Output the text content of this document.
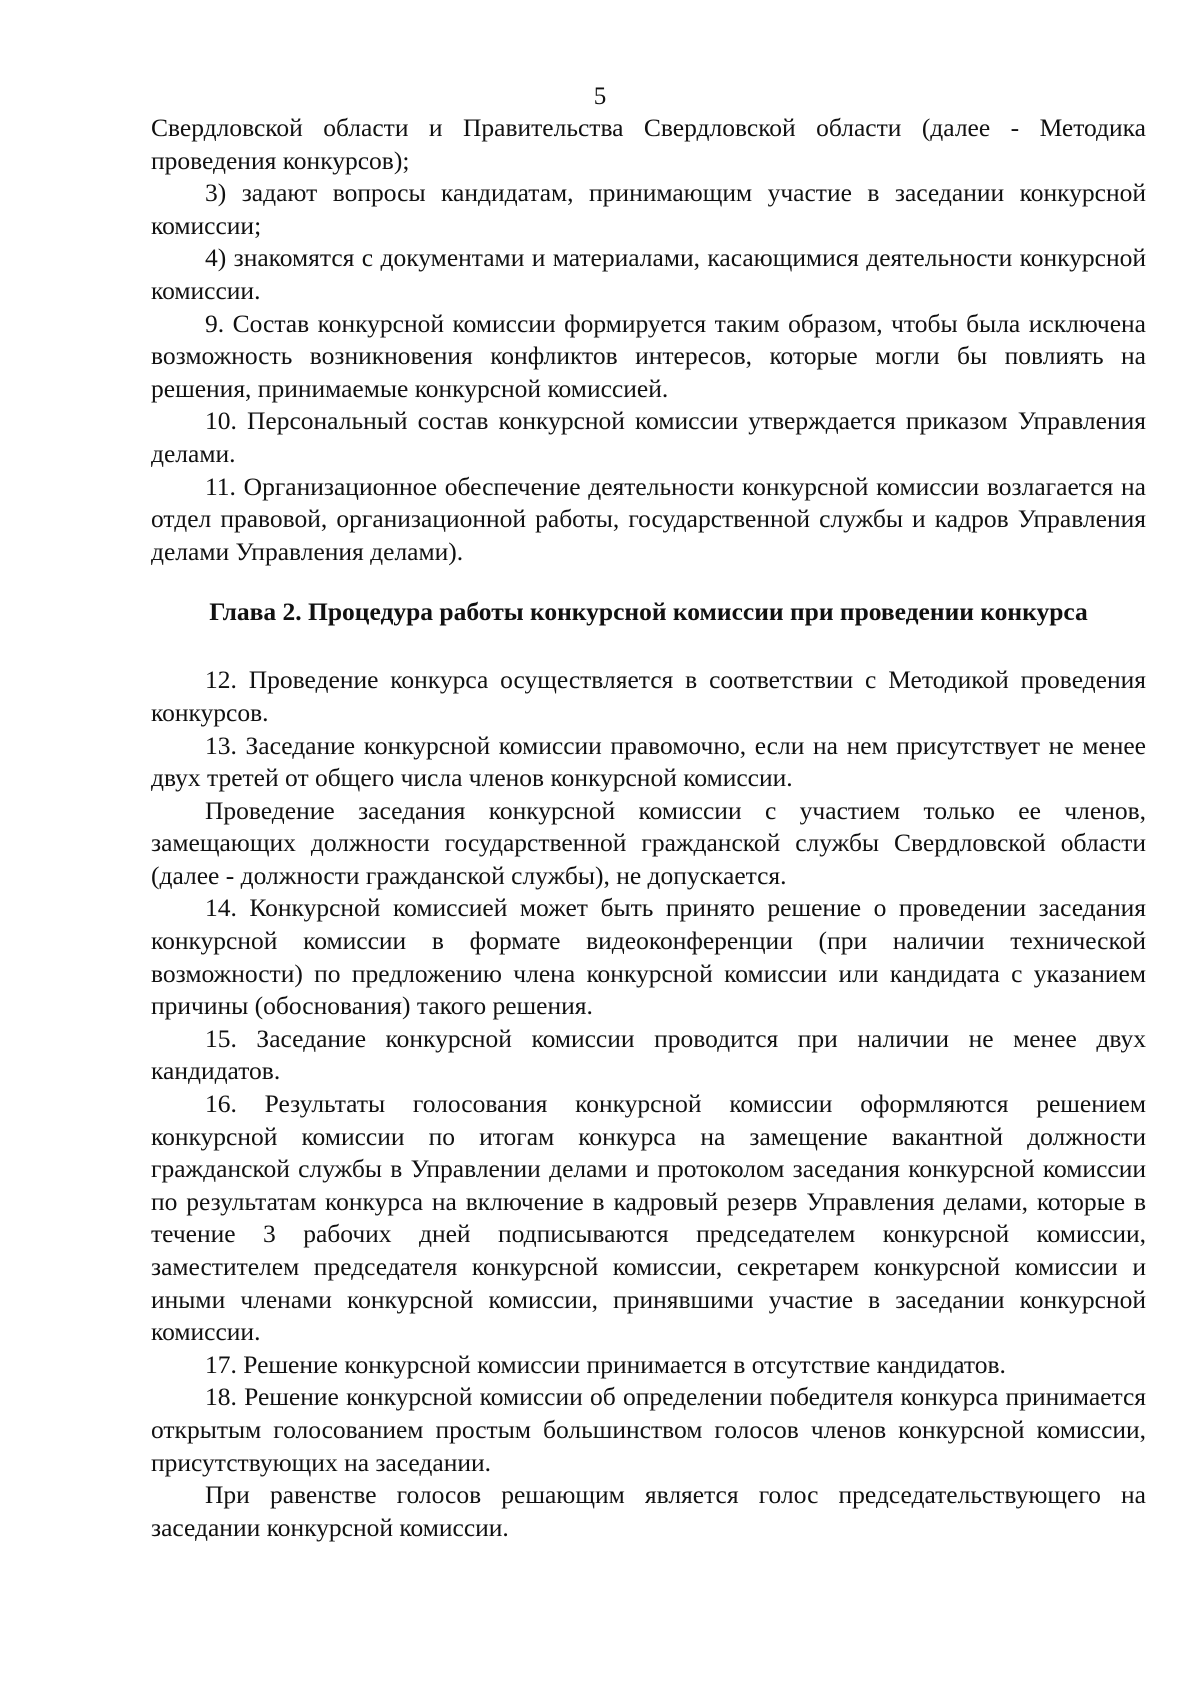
5

Свердловской области и Правительства Свердловской области (далее - Методика проведения конкурсов);

3) задают вопросы кандидатам, принимающим участие в заседании конкурсной комиссии;

4) знакомятся с документами и материалами, касающимися деятельности конкурсной комиссии.

9. Состав конкурсной комиссии формируется таким образом, чтобы была исключена возможность возникновения конфликтов интересов, которые могли бы повлиять на решения, принимаемые конкурсной комиссией.

10. Персональный состав конкурсной комиссии утверждается приказом Управления делами.

11. Организационное обеспечение деятельности конкурсной комиссии возлагается на отдел правовой, организационной работы, государственной службы и кадров Управления делами Управления делами).

Глава 2. Процедура работы конкурсной комиссии при проведении конкурса

12. Проведение конкурса осуществляется в соответствии с Методикой проведения конкурсов.

13. Заседание конкурсной комиссии правомочно, если на нем присутствует не менее двух третей от общего числа членов конкурсной комиссии.

Проведение заседания конкурсной комиссии с участием только ее членов, замещающих должности государственной гражданской службы Свердловской области (далее - должности гражданской службы), не допускается.

14. Конкурсной комиссией может быть принято решение о проведении заседания конкурсной комиссии в формате видеоконференции (при наличии технической возможности) по предложению члена конкурсной комиссии или кандидата с указанием причины (обоснования) такого решения.

15. Заседание конкурсной комиссии проводится при наличии не менее двух кандидатов.

16. Результаты голосования конкурсной комиссии оформляются решением конкурсной комиссии по итогам конкурса на замещение вакантной должности гражданской службы в Управлении делами и протоколом заседания конкурсной комиссии по результатам конкурса на включение в кадровый резерв Управления делами, которые в течение 3 рабочих дней подписываются председателем конкурсной комиссии, заместителем председателя конкурсной комиссии, секретарем конкурсной комиссии и иными членами конкурсной комиссии, принявшими участие в заседании конкурсной комиссии.

17. Решение конкурсной комиссии принимается в отсутствие кандидатов.

18. Решение конкурсной комиссии об определении победителя конкурса принимается открытым голосованием простым большинством голосов членов конкурсной комиссии, присутствующих на заседании.

При равенстве голосов решающим является голос председательствующего на заседании конкурсной комиссии.
